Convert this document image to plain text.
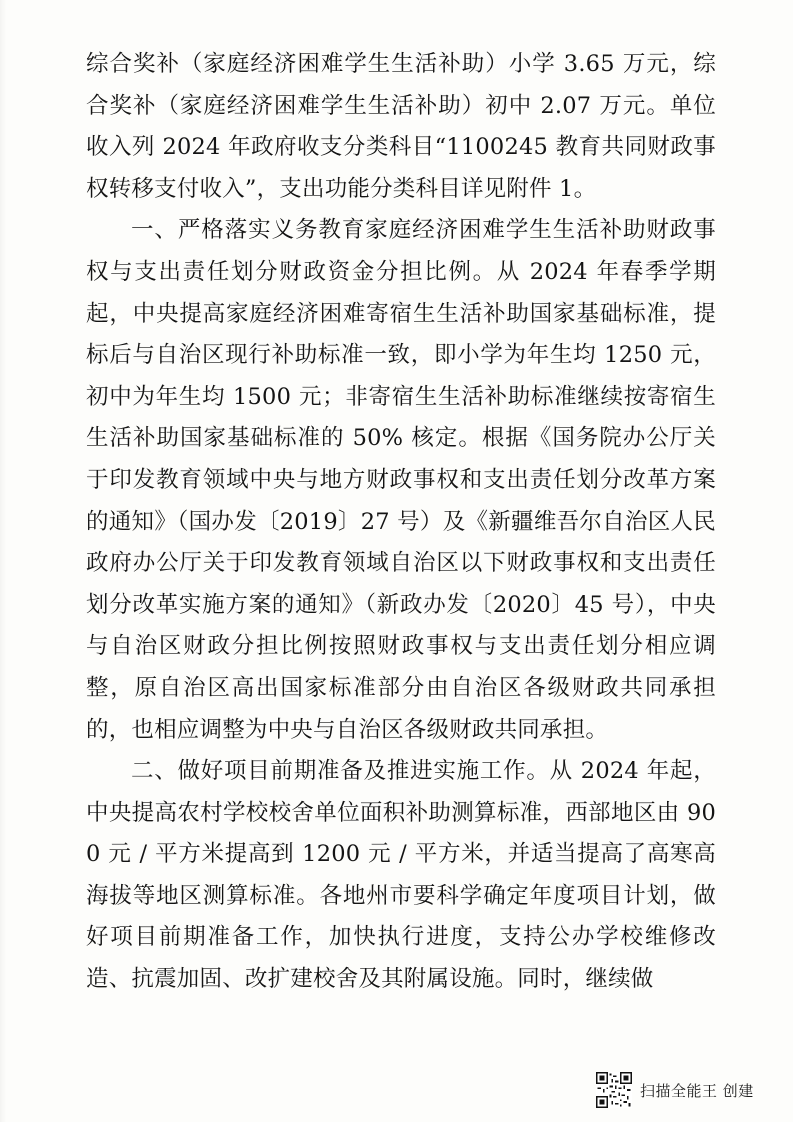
综合奖补（家庭经济困难学生生活补助）小学 3.65 万元，综合奖补（家庭经济困难学生生活补助）初中 2.07 万元。单位收入列 2024 年政府收支分类科目“1100245 教育共同财政事权转移支付收入”，支出功能分类科目详见附件 1。

一、严格落实义务教育家庭经济困难学生生活补助财政事权与支出责任划分财政资金分担比例。从 2024 年春季学期起，中央提高家庭经济困难寄宿生生活补助国家基础标准，提标后与自治区现行补助标准一致，即小学为年生均 1250 元，初中为年生均 1500 元；非寄宿生生活补助标准继续按寄宿生生活补助国家基础标准的 50% 核定。根据《国务院办公厅关于印发教育领域中央与地方财政事权和支出责任划分改革方案的通知》（国办发〔2019〕27 号）及《新疆维吾尔自治区人民政府办公厅关于印发教育领域自治区以下财政事权和支出责任划分改革实施方案的通知》（新政办发〔2020〕45 号），中央与自治区财政分担比例按照财政事权与支出责任划分相应调整，原自治区高出国家标准部分由自治区各级财政共同承担的，也相应调整为中央与自治区各级财政共同承担。

二、做好项目前期准备及推进实施工作。从 2024 年起，中央提高农村学校校舍单位面积补助测算标准，西部地区由 900 元 / 平方米提高到 1200 元 / 平方米，并适当提高了高寒高海拔等地区测算标准。各地州市要科学确定年度项目计划，做好项目前期准备工作，加快执行进度，支持公办学校维修改造、抗震加固、改扩建校舍及其附属设施。同时，继续做

扫描全能王 创建
